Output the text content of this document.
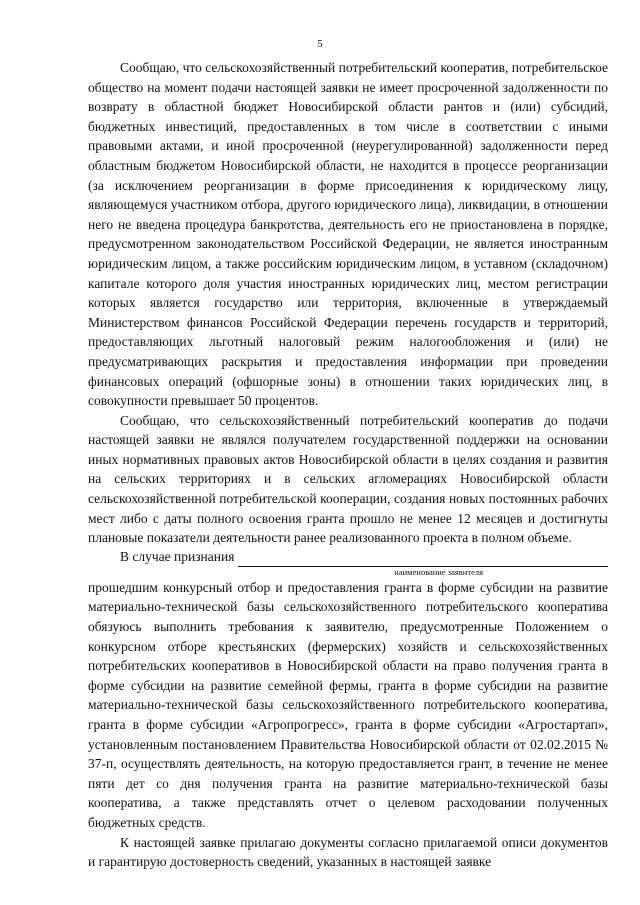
5

Сообщаю, что сельскохозяйственный потребительский кооператив, потребительское общество на момент подачи настоящей заявки не имеет просроченной задолженности по возврату в областной бюджет Новосибирской области рантов и (или) субсидий, бюджетных инвестиций, предоставленных в том числе в соответствии с иными правовыми актами, и иной просроченной (неурегулированной) задолженности перед областным бюджетом Новосибирской области, не находится в процессе реорганизации (за исключением реорганизации в форме присоединения к юридическому лицу, являющемуся участником отбора, другого юридического лица), ликвидации, в отношении него не введена процедура банкротства, деятельность его не приостановлена в порядке, предусмотренном законодательством Российской Федерации, не является иностранным юридическим лицом, а также российским юридическим лицом, в уставном (складочном) капитале которого доля участия иностранных юридических лиц, местом регистрации которых является государство или территория, включенные в утверждаемый Министерством финансов Российской Федерации перечень государств и территорий, предоставляющих льготный налоговый режим налогообложения и (или) не предусматривающих раскрытия и предоставления информации при проведении финансовых операций (офшорные зоны) в отношении таких юридических лиц, в совокупности превышает 50 процентов.

Сообщаю, что сельскохозяйственный потребительский кооператив до подачи настоящей заявки не являлся получателем государственной поддержки на основании иных нормативных правовых актов Новосибирской области в целях создания и развития на сельских территориях и в сельских агломерациях Новосибирской области сельскохозяйственной потребительской кооперации, создания новых постоянных рабочих мест либо с даты полного освоения гранта прошло не менее 12 месяцев и достигнуты плановые показатели деятельности ранее реализованного проекта в полном объеме.

В случае признания

наименование заявителя

прошедшим конкурсный отбор и предоставления гранта в форме субсидии на развитие материально-технической базы сельскохозяйственного потребительского кооператива обязуюсь выполнить требования к заявителю, предусмотренные Положением о конкурсном отборе крестьянских (фермерских) хозяйств и сельскохозяйственных потребительских кооперативов в Новосибирской области на право получения гранта в форме субсидии на развитие семейной фермы, гранта в форме субсидии на развитие материально-технической базы сельскохозяйственного потребительского кооператива, гранта в форме субсидии «Агропрогресс», гранта в форме субсидии «Агростартап», установленным постановлением Правительства Новосибирской области от 02.02.2015 № 37-п, осуществлять деятельность, на которую предоставляется грант, в течение не менее пяти дет со дня получения гранта на развитие материально-технической базы кооператива, а также представлять отчет о целевом расходовании полученных бюджетных средств.

К настоящей заявке прилагаю документы согласно прилагаемой описи документов и гарантирую достоверность сведений, указанных в настоящей заявке
